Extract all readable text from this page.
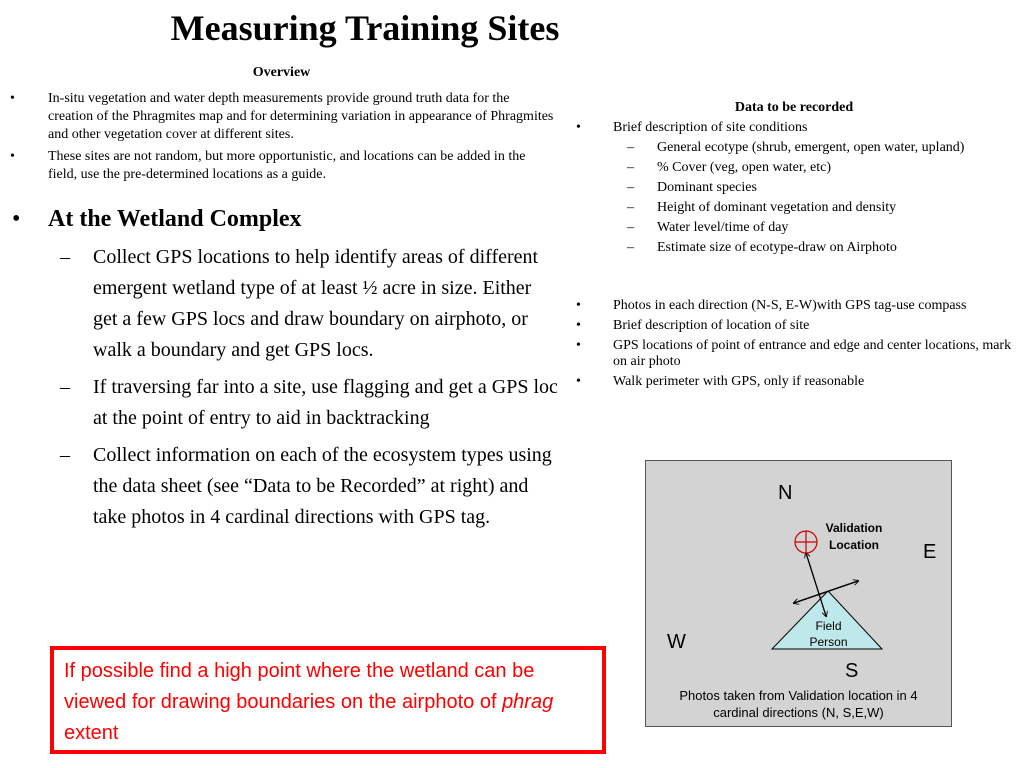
Measuring Training Sites
Overview
• In-situ vegetation and water depth measurements provide ground truth data for the creation of the Phragmites map and for determining variation in appearance of Phragmites and other vegetation cover at different sites.
• These sites are not random, but more opportunistic, and locations can be added in the field, use the pre-determined locations as a guide.
• At the Wetland Complex
– Collect GPS locations to help identify areas of different emergent wetland type of at least ½ acre in size. Either get a few GPS locs and draw boundary on airphoto, or walk a boundary and get GPS locs.
– If traversing far into a site, use flagging and get a GPS loc at the point of entry to aid in backtracking
– Collect information on each of the ecosystem types using the data sheet (see “Data to be Recorded” at right) and take photos in 4 cardinal directions with GPS tag.
If possible find a high point where the wetland can be viewed for drawing boundaries on the airphoto of phrag extent
Data to be recorded
• Brief description of site conditions
– General ecotype (shrub, emergent, open water, upland)
– % Cover (veg, open water, etc)
– Dominant species
– Height of dominant vegetation and density
– Water level/time of day
– Estimate size of ecotype-draw on Airphoto
• Photos in each direction (N-S, E-W)with GPS tag-use compass
• Brief description of location of site
• GPS locations of point of entrance and edge and center locations, mark on air photo
• Walk perimeter with GPS, only if reasonable
N
E
S
W
Validation
Location
Field
Person
Photos taken from Validation location in 4
cardinal directions (N, S,E,W)
